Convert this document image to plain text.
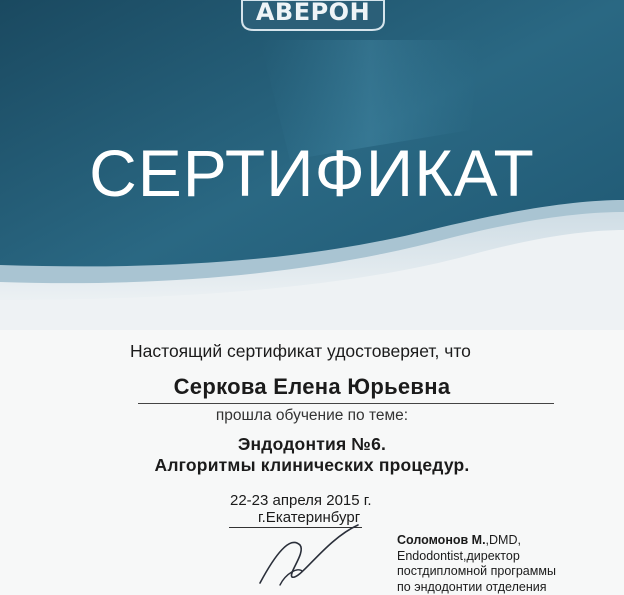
АВЕРОН
СЕРТИФИКАТ
Настоящий сертификат удостоверяет, что
Серкова Елена Юрьевна
прошла обучение по теме:
Эндодонтия №6.
Алгоритмы клинических процедур.
22-23 апреля 2015 г.
г.Екатеринбург
Соломонов М.,DMD,
Endodontist,директор
постдипломной программы
по эндодонтии отделения
